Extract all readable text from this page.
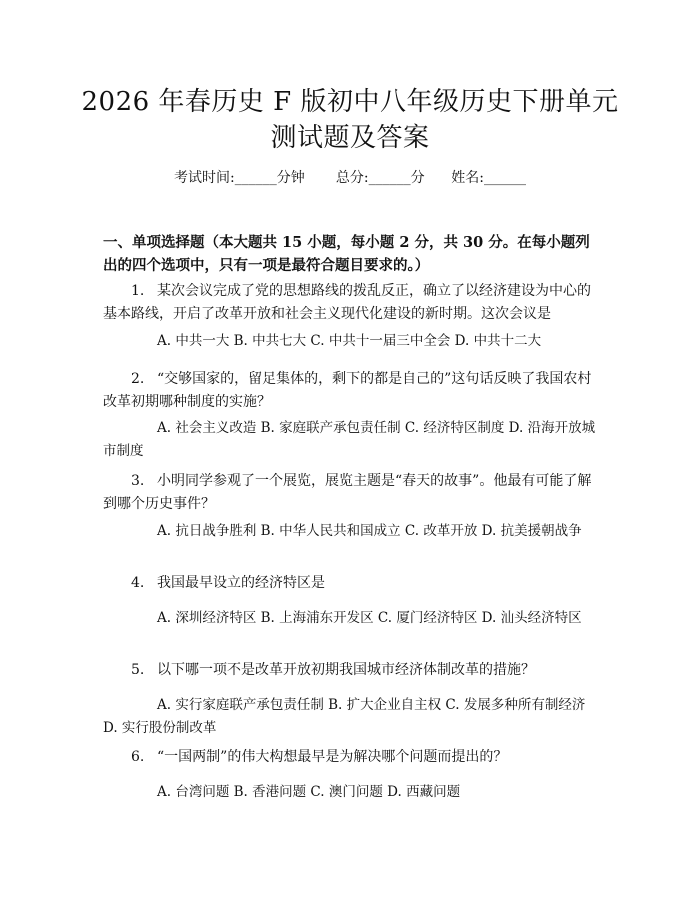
2026 年春历史 F 版初中八年级历史下册单元
测试题及答案
考试时间:______分钟 总分:______分 姓名:______
一、单项选择题（本大题共 15 小题，每小题 2 分，共 30 分。在每小题列出的四个选项中，只有一项是最符合题目要求的。）
1. 某次会议完成了党的思想路线的拨乱反正，确立了以经济建设为中心的基本路线，开启了改革开放和社会主义现代化建设的新时期。这次会议是
A. 中共一大 B. 中共七大 C. 中共十一届三中全会 D. 中共十二大
2. “交够国家的，留足集体的，剩下的都是自己的”这句话反映了我国农村改革初期哪种制度的实施？
A. 社会主义改造 B. 家庭联产承包责任制 C. 经济特区制度 D. 沿海开放城市制度
3. 小明同学参观了一个展览，展览主题是“春天的故事”。他最有可能了解到哪个历史事件？
A. 抗日战争胜利 B. 中华人民共和国成立 C. 改革开放 D. 抗美援朝战争
4. 我国最早设立的经济特区是
A. 深圳经济特区 B. 上海浦东开发区 C. 厦门经济特区 D. 汕头经济特区
5. 以下哪一项不是改革开放初期我国城市经济体制改革的措施？
A. 实行家庭联产承包责任制 B. 扩大企业自主权 C. 发展多种所有制经济 D. 实行股份制改革
6. “一国两制”的伟大构想最早是为解决哪个问题而提出的？
A. 台湾问题 B. 香港问题 C. 澳门问题 D. 西藏问题
